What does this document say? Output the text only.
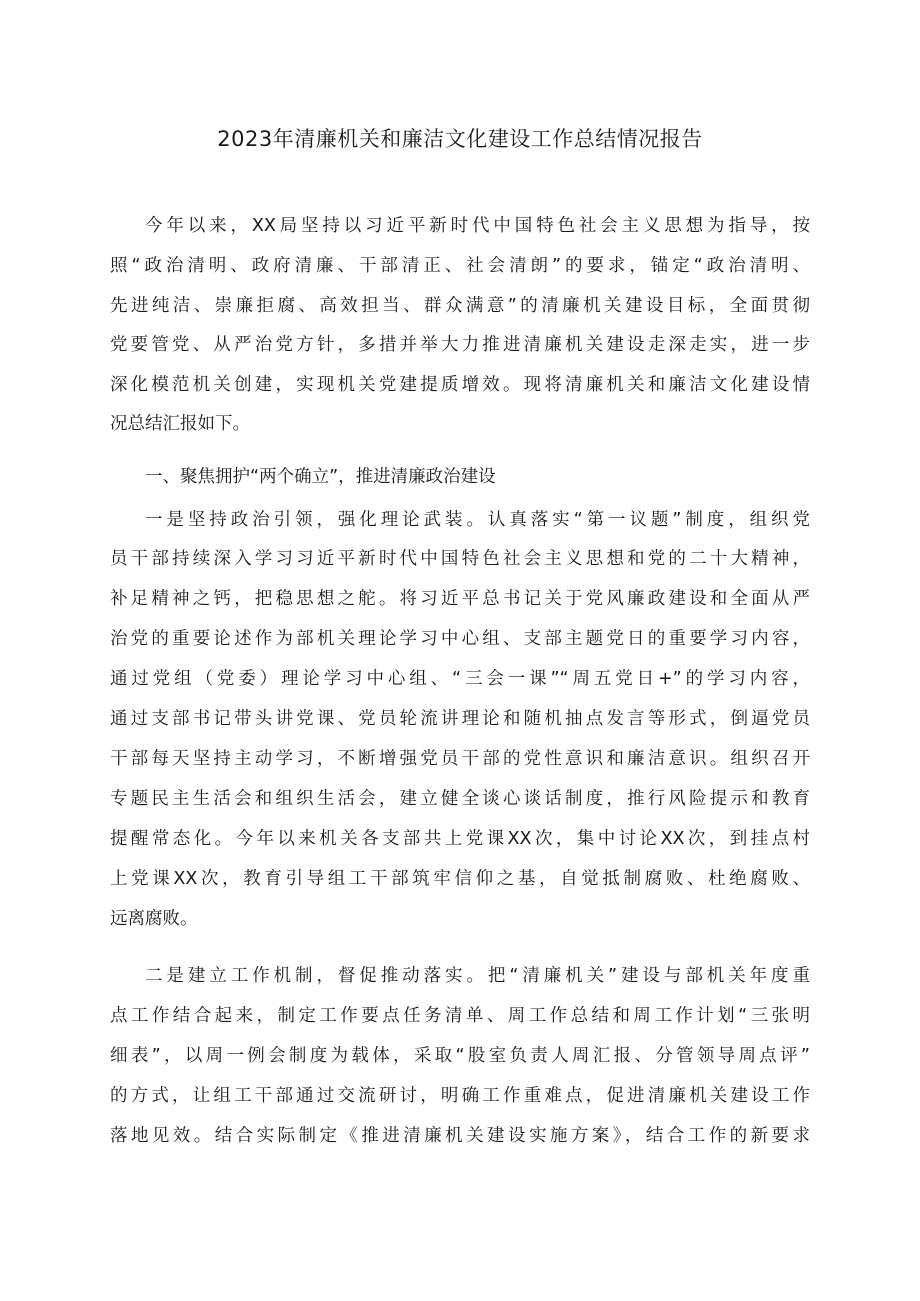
2023年清廉机关和廉洁文化建设工作总结情况报告
今年以来，XX局坚持以习近平新时代中国特色社会主义思想为指导，按
照“政治清明、政府清廉、干部清正、社会清朗”的要求，锚定“政治清明、
先进纯洁、崇廉拒腐、高效担当、群众满意”的清廉机关建设目标，全面贯彻
党要管党、从严治党方针，多措并举大力推进清廉机关建设走深走实，进一步
深化模范机关创建，实现机关党建提质增效。现将清廉机关和廉洁文化建设情
况总结汇报如下。
一、聚焦拥护“两个确立”，推进清廉政治建设
一是坚持政治引领，强化理论武装。认真落实“第一议题”制度，组织党
员干部持续深入学习习近平新时代中国特色社会主义思想和党的二十大精神，
补足精神之钙，把稳思想之舵。将习近平总书记关于党风廉政建设和全面从严
治党的重要论述作为部机关理论学习中心组、支部主题党日的重要学习内容，
通过党组（党委）理论学习中心组、“三会一课”“周五党日+”的学习内容，
通过支部书记带头讲党课、党员轮流讲理论和随机抽点发言等形式，倒逼党员
干部每天坚持主动学习，不断增强党员干部的党性意识和廉洁意识。组织召开
专题民主生活会和组织生活会，建立健全谈心谈话制度，推行风险提示和教育
提醒常态化。今年以来机关各支部共上党课XX次，集中讨论XX次，到挂点村
上党课XX次，教育引导组工干部筑牢信仰之基，自觉抵制腐败、杜绝腐败、
远离腐败。
二是建立工作机制，督促推动落实。把“清廉机关”建设与部机关年度重
点工作结合起来，制定工作要点任务清单、周工作总结和周工作计划“三张明
细表”，以周一例会制度为载体，采取“股室负责人周汇报、分管领导周点评”
的方式，让组工干部通过交流研讨，明确工作重难点，促进清廉机关建设工作
落地见效。结合实际制定《推进清廉机关建设实施方案》，结合工作的新要求
